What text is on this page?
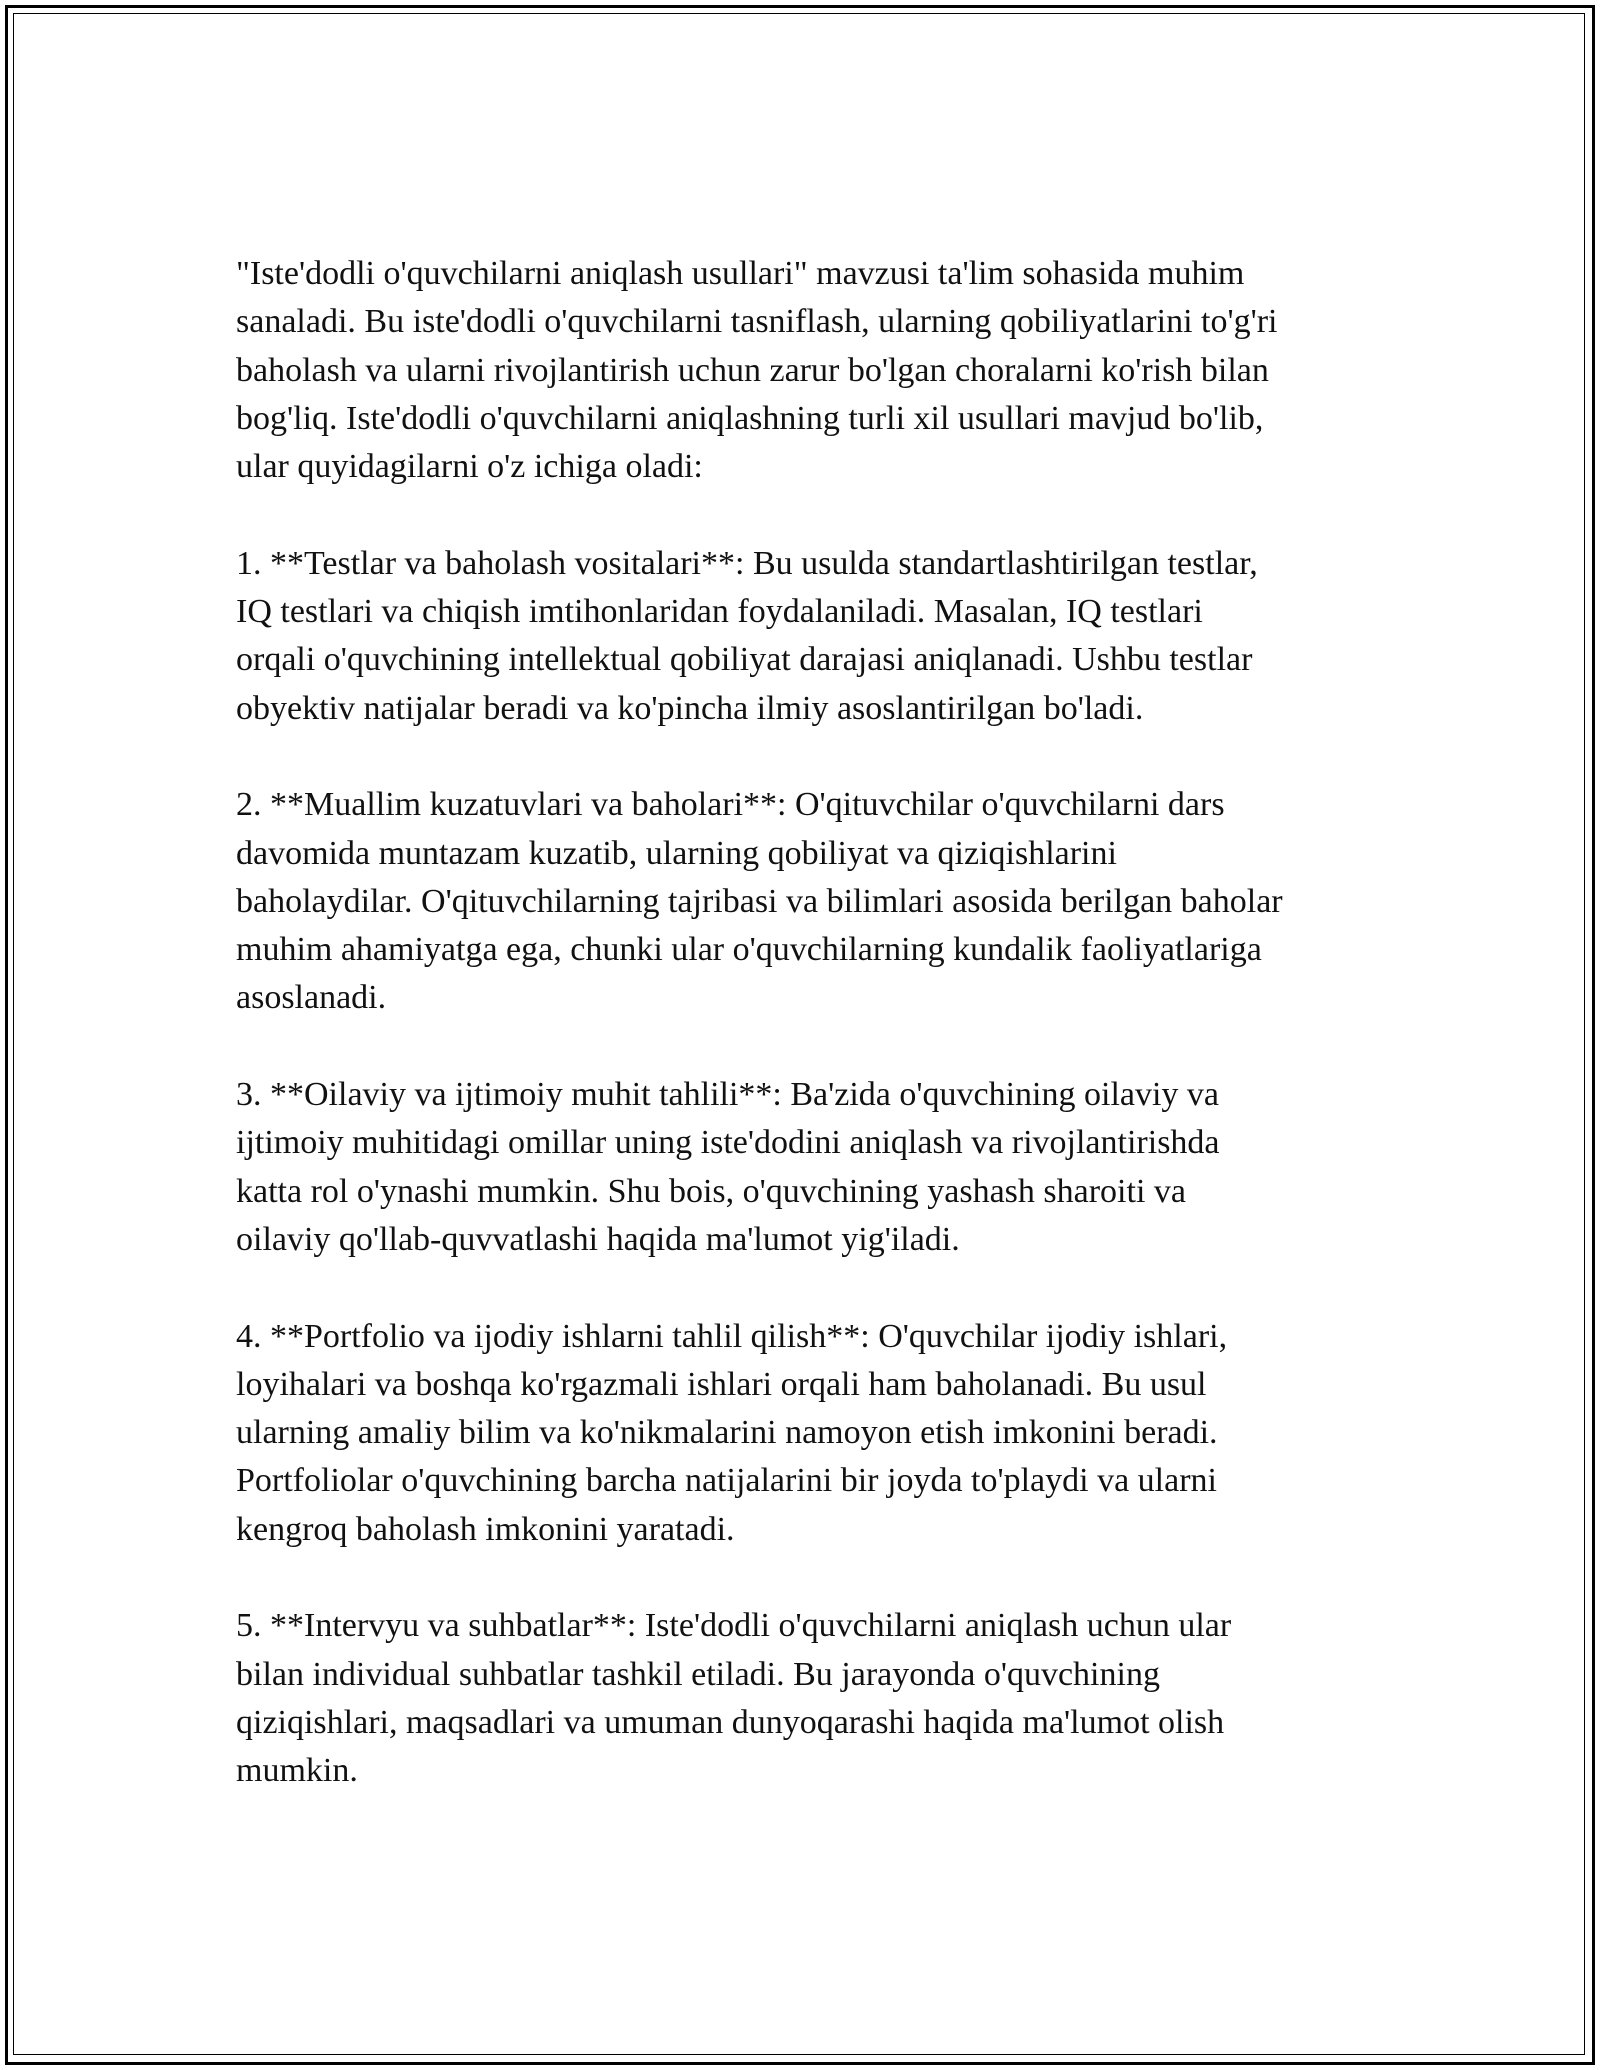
"Iste'dodli o'quvchilarni aniqlash usullari" mavzusi ta'lim sohasida muhim
sanaladi. Bu iste'dodli o'quvchilarni tasniflash, ularning qobiliyatlarini to'g'ri
baholash va ularni rivojlantirish uchun zarur bo'lgan choralarni ko'rish bilan
bog'liq. Iste'dodli o'quvchilarni aniqlashning turli xil usullari mavjud bo'lib,
ular quyidagilarni o'z ichiga oladi:
1. **Testlar va baholash vositalari**: Bu usulda standartlashtirilgan testlar,
IQ testlari va chiqish imtihonlaridan foydalaniladi. Masalan, IQ testlari
orqali o'quvchining intellektual qobiliyat darajasi aniqlanadi. Ushbu testlar
obyektiv natijalar beradi va ko'pincha ilmiy asoslantirilgan bo'ladi.
2. **Muallim kuzatuvlari va baholari**: O'qituvchilar o'quvchilarni dars
davomida muntazam kuzatib, ularning qobiliyat va qiziqishlarini
baholaydilar. O'qituvchilarning tajribasi va bilimlari asosida berilgan baholar
muhim ahamiyatga ega, chunki ular o'quvchilarning kundalik faoliyatlariga
asoslanadi.
3. **Oilaviy va ijtimoiy muhit tahlili**: Ba'zida o'quvchining oilaviy va
ijtimoiy muhitidagi omillar uning iste'dodini aniqlash va rivojlantirishda
katta rol o'ynashi mumkin. Shu bois, o'quvchining yashash sharoiti va
oilaviy qo'llab-quvvatlashi haqida ma'lumot yig'iladi.
4. **Portfolio va ijodiy ishlarni tahlil qilish**: O'quvchilar ijodiy ishlari,
loyihalari va boshqa ko'rgazmali ishlari orqali ham baholanadi. Bu usul
ularning amaliy bilim va ko'nikmalarini namoyon etish imkonini beradi.
Portfoliolar o'quvchining barcha natijalarini bir joyda to'playdi va ularni
kengroq baholash imkonini yaratadi.
5. **Intervyu va suhbatlar**: Iste'dodli o'quvchilarni aniqlash uchun ular
bilan individual suhbatlar tashkil etiladi. Bu jarayonda o'quvchining
qiziqishlari, maqsadlari va umuman dunyoqarashi haqida ma'lumot olish
mumkin.
